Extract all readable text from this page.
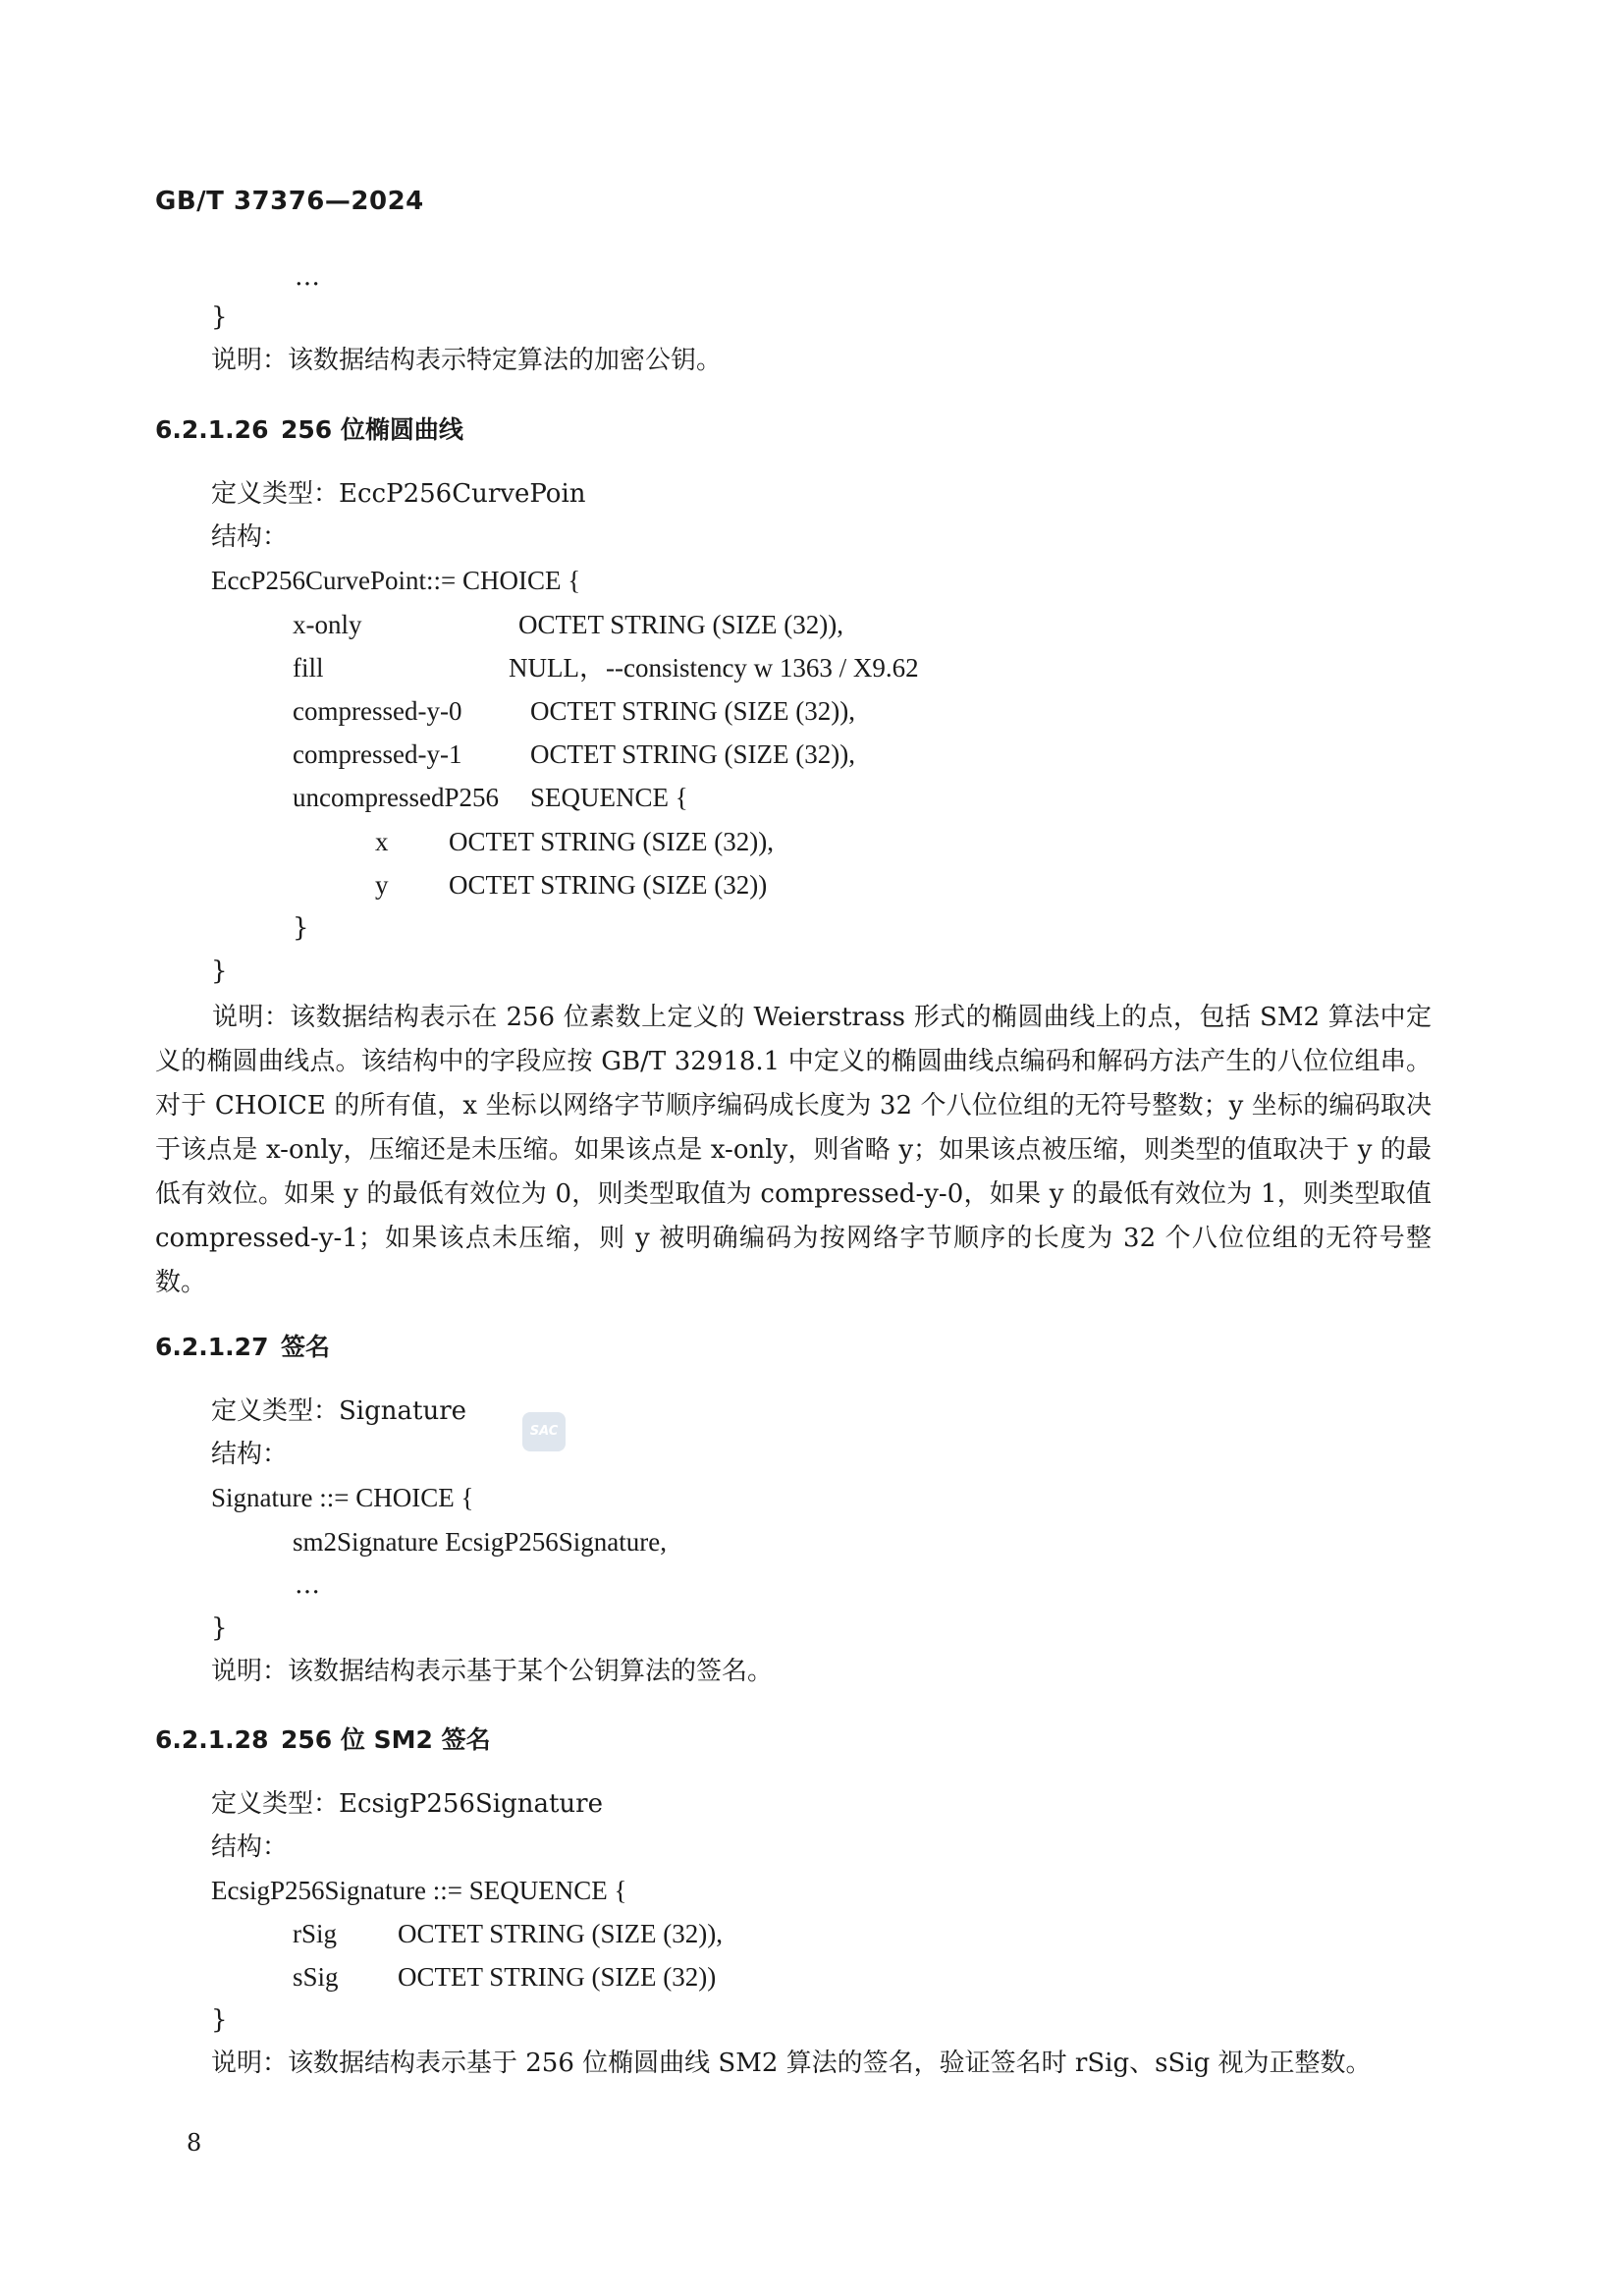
GB/T 37376—2024
…
}
说明：该数据结构表示特定算法的加密公钥。
6.2.1.26 256 位椭圆曲线
定义类型：EccP256CurvePoin
结构：
EccP256CurvePoint::= CHOICE {
x-only	OCTET STRING (SIZE (32)),
fill	NULL，--consistency w 1363 / X9.62
compressed-y-0	OCTET STRING (SIZE (32)),
compressed-y-1	OCTET STRING (SIZE (32)),
uncompressedP256 SEQUENCE {
x OCTET STRING (SIZE (32)),
y OCTET STRING (SIZE (32))
}
}
说明：该数据结构表示在 256 位素数上定义的 Weierstrass 形式的椭圆曲线上的点，包括 SM2 算法中定义的椭圆曲线点。该结构中的字段应按 GB/T 32918.1 中定义的椭圆曲线点编码和解码方法产生的八位位组串。对于 CHOICE 的所有值，x 坐标以网络字节顺序编码成长度为 32 个八位位组的无符号整数；y 坐标的编码取决于该点是 x-only，压缩还是未压缩。如果该点是 x-only，则省略 y；如果该点被压缩，则类型的值取决于 y 的最低有效位。如果 y 的最低有效位为 0，则类型取值为 compressed-y-0，如果 y 的最低有效位为 1，则类型取值 compressed-y-1；如果该点未压缩，则 y 被明确编码为按网络字节顺序的长度为 32 个八位位组的无符号整数。
6.2.1.27 签名
定义类型：Signature
SAC
结构：
Signature ::= CHOICE {
sm2Signature EcsigP256Signature,
…
}
说明：该数据结构表示基于某个公钥算法的签名。
6.2.1.28 256 位 SM2 签名
定义类型：EcsigP256Signature
结构：
EcsigP256Signature ::= SEQUENCE {
rSig OCTET STRING (SIZE (32)),
sSig OCTET STRING (SIZE (32))
}
说明：该数据结构表示基于 256 位椭圆曲线 SM2 算法的签名，验证签名时 rSig、sSig 视为正整数。
8
